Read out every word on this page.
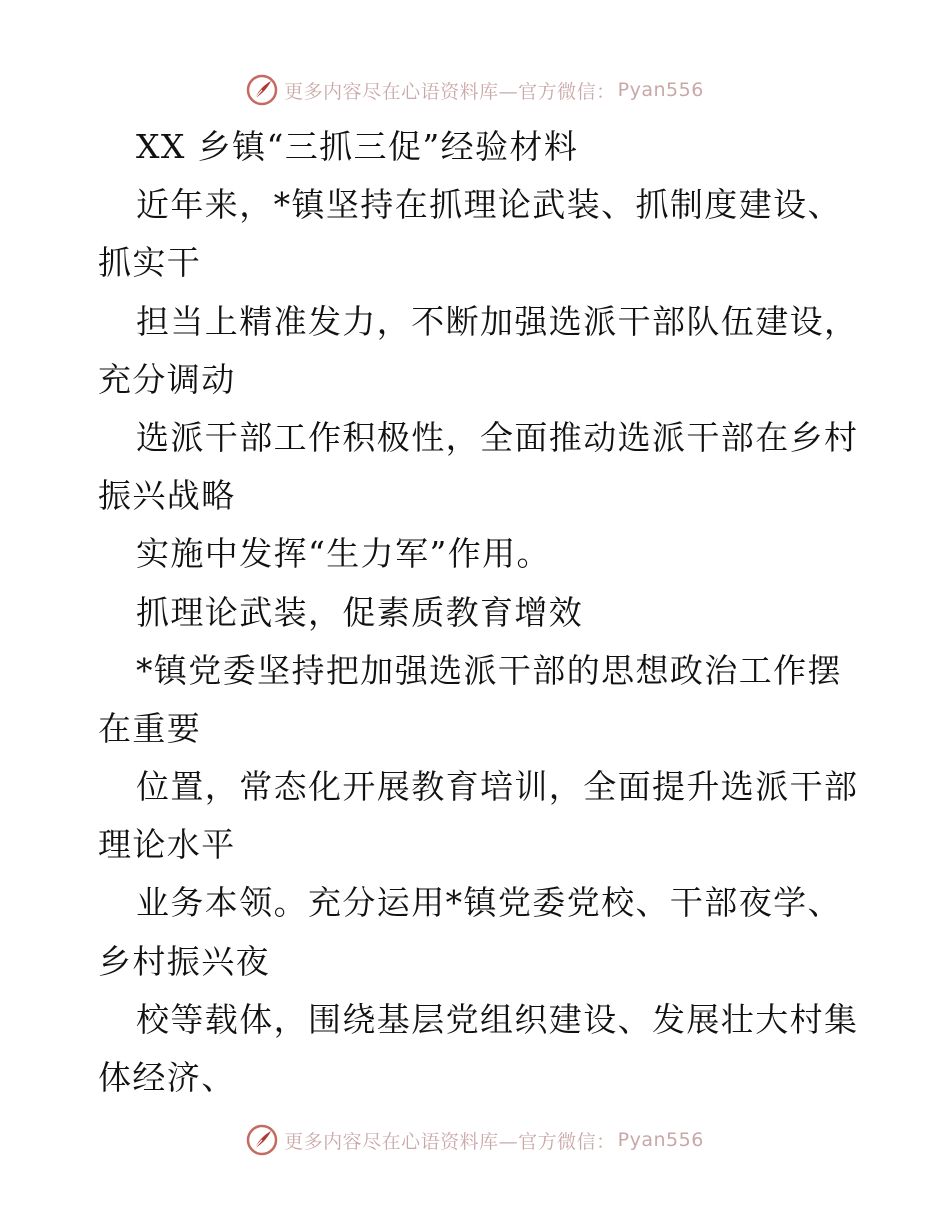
更多内容尽在心语资料库—官方微信： Pyan556
XX 乡镇“三抓三促”经验材料
近年来，*镇坚持在抓理论武装、抓制度建设、
抓实干
担当上精准发力，不断加强选派干部队伍建设，
充分调动
选派干部工作积极性，全面推动选派干部在乡村
振兴战略
实施中发挥“生力军”作用。
抓理论武装，促素质教育增效
*镇党委坚持把加强选派干部的思想政治工作摆
在重要
位置，常态化开展教育培训，全面提升选派干部
理论水平
业务本领。充分运用*镇党委党校、干部夜学、
乡村振兴夜
校等载体，围绕基层党组织建设、发展壮大村集
体经济、
更多内容尽在心语资料库—官方微信： Pyan556
